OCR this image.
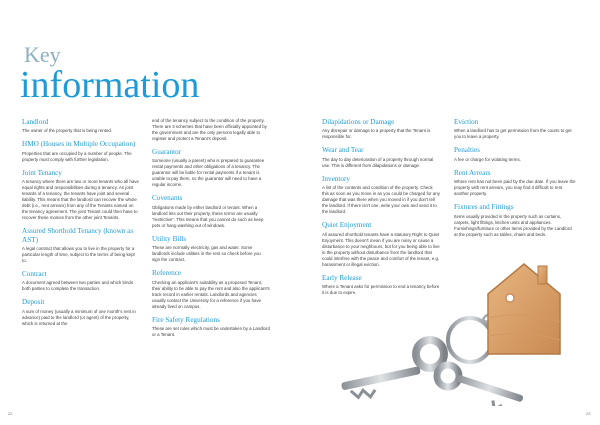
Key
information
Landlord
The owner of the property that is being rented.
HMO (Houses in Multiple Occupation)
Properties that are occupied by a number of people. The property must comply with further legislation.
Joint Tenancy
A tenancy where there are two or more tenants who all have equal rights and responsibilities during a tenancy. As joint tenants of a tenancy, the tenants have joint and several liability. This means that the landlord can recover the whole debt (i.e., rent arrears) from any of the Tenants named on the tenancy agreement. The joint Tenant could then have to recover these monies from the other joint Tenants.
Assured Shorthold Tenancy (known as AST)
A legal contract that allows you to live in the property for a particular length of time, subject to the terms of being kept to.
Contract
A document agreed between two parties and which binds both parties to complete the transaction.
Deposit
A sum of money (usually a minimum of one month's rent in advance) paid to the landlord (or agent) of the property, which is returned at the
end of the tenancy subject to the condition of the property. There are 3 schemes that have been officially appointed by the government and are the only persons legally able to register and protect a Tenant's deposit.
Guarantor
Someone (usually a parent) who is prepared to guarantee rental payments and other obligations of a tenancy. The guarantor will be liable for rental payments if a tenant is unable to pay them, so the guarantor will need to have a regular income.
Covenants
Obligations made by either landlord or tenant. When a landlord lets out their property, these terms are usually "restrictive". This means that you cannot do such as keep pets or hang washing out of windows.
Utility Bills
These are normally electricity, gas and water. Some landlords include utilities in the rent so check before you sign the contract.
Reference
Checking an applicant's suitability as a proposed Tenant, their ability to be able to pay the rent and also the applicant's track record in earlier rentals. Landlords and agencies usually contact the University for a reference if you have already lived on campus.
Fire Safety Regulations
These are set rules which must be undertaken by a Landlord or a Tenant.
Dilapidations or Damage
Any disrepair or damage to a property that the Tenant is responsible for.
Wear and Tear
The day to day deterioration of a property through normal use. This is different from dilapidations or damage.
Inventory
A list of the contents and condition of the property. Check this as soon as you move in as you could be charged for any damage that was there when you moved in if you don't tell the landlord. If there isn't one, write your own and send it to the landlord.
Quiet Enjoyment
All assured shorthold tenants have a statutory Right to Quiet Enjoyment. This doesn't mean if you are noisy or cause a disturbance to your neighbours, but for you being able to live in the property without disturbance from the landlord that could interfere with the peace and comfort of the tenant, e.g. harassment or illegal eviction.
Early Release
Where a Tenant asks for permission to end a tenancy before it is due to expire.
Eviction
When a landlord has to get permission from the courts to get you to leave a property.
Penalties
A fee or charge for violating terms.
Rent Arrears
Where rent has not been paid by the due date. If you leave the property with rent arrears, you may find it difficult to rent another property.
Fixtures and Fittings
Items usually provided in the property such as curtains, carpets, light fittings, kitchen units and appliances. Furnishings/furniture or other items provided by the Landlord at the property such as tables, chairs and beds.
22	23
